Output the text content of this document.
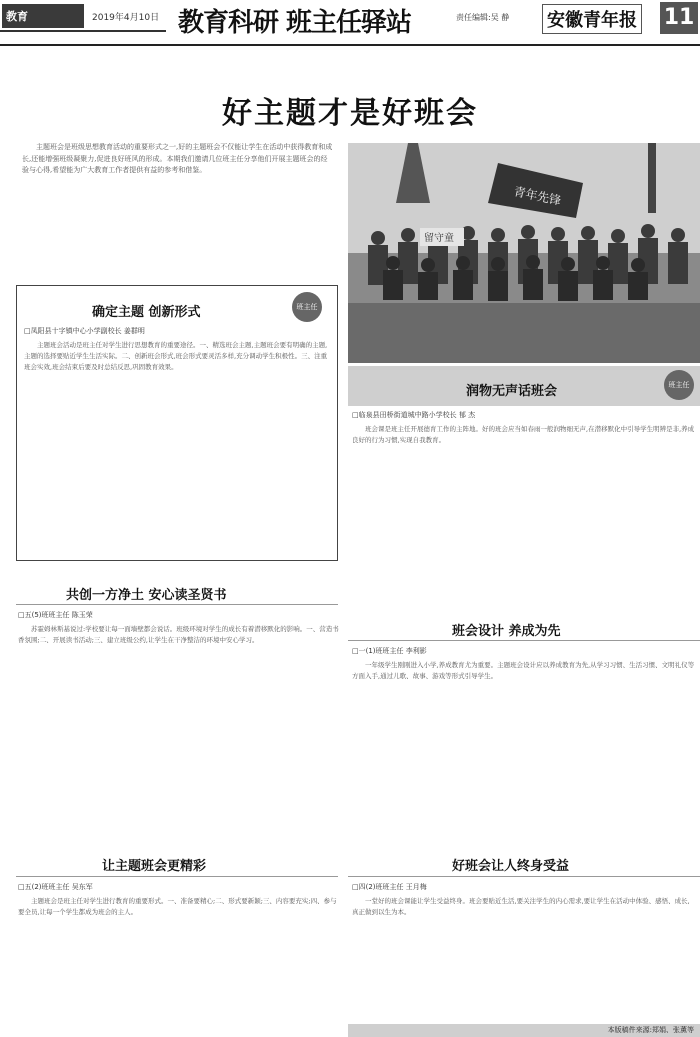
教育	2019年4月10日 教育科研 班主任驿站	责任编辑:吴 静 安徽青年报 11
好主题才是好班会
主题班会是班级思想教育活动的重要形式之一,好的主题班会不仅能让学生在活动中获得教育和成长,还能增强班级凝聚力,促进良好班风的形成。本期我们邀请几位班主任分享他们开展主题班会的经验与心得,希望能为广大教育工作者提供有益的参考和借鉴。
青年先锋
留守童
确定主题 创新形式	班主任
□凤阳县十字镇中心小学副校长 姜群明
主题班会活动是班主任对学生进行思想教育的重要途径。一、精选班会主题,主题班会要有明确的主题,主题的选择要贴近学生生活实际。二、创新班会形式,班会形式要灵活多样,充分调动学生积极性。三、注重班会实效,班会结束后要及时总结反思,巩固教育效果。
共创一方净土 安心读圣贤书
□五(5)班班主任 陈玉荣
苏霍姆林斯基说过:学校要让每一面墙壁都会说话。班级环境对学生的成长有着潜移默化的影响。一、营造书香氛围;二、开展读书活动;三、建立班级公约,让学生在干净整洁的环境中安心学习。
让主题班会更精彩
□五(2)班班主任 吴东军
主题班会是班主任对学生进行教育的重要形式。一、准备要精心;二、形式要新颖;三、内容要充实;四、参与要全员,让每一个学生都成为班会的主人。
润物无声话班会	班主任
□临泉县田桥街道城中路小学校长 郁 杰
班会课是班主任开展德育工作的主阵地。好的班会应当如春雨一般润物细无声,在潜移默化中引导学生明辨是非,养成良好的行为习惯,实现自我教育。
班会设计 养成为先
□一(1)班班主任 李利影
一年级学生刚刚进入小学,养成教育尤为重要。主题班会设计应以养成教育为先,从学习习惯、生活习惯、文明礼仪等方面入手,通过儿歌、故事、游戏等形式引导学生。
好班会让人终身受益
□四(2)班班主任 王月梅
一堂好的班会课能让学生受益终身。班会要贴近生活,要关注学生的内心需求,要让学生在活动中体验、感悟、成长,真正做到以生为本。
本版稿件来源:郑娟、张薰等
